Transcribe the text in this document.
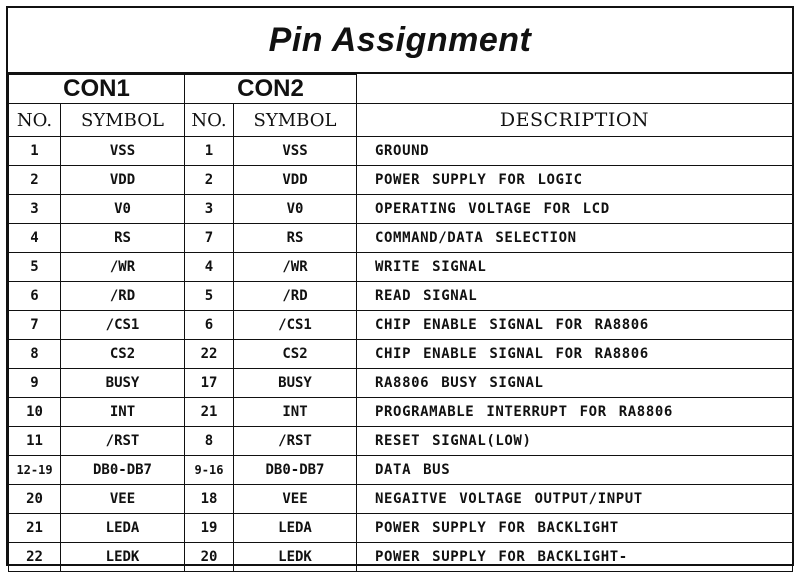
Pin Assignment
CON1		CON2		
NO.	SYMBOL	NO.	SYMBOL	DESCRIPTION
1	VSS	1	VSS	GROUND
2	VDD	2	VDD	POWER SUPPLY FOR LOGIC
3	V0	3	V0	OPERATING VOLTAGE FOR LCD
4	RS	7	RS	COMMAND/DATA SELECTION
5	/WR	4	/WR	WRITE SIGNAL
6	/RD	5	/RD	READ SIGNAL
7	/CS1	6	/CS1	CHIP ENABLE SIGNAL FOR RA8806
8	CS2	22	CS2	CHIP ENABLE SIGNAL FOR RA8806
9	BUSY	17	BUSY	RA8806 BUSY SIGNAL
10	INT	21	INT	PROGRAMABLE INTERRUPT FOR RA8806
11	/RST	8	/RST	RESET SIGNAL(LOW)
12-19	DB0-DB7	9-16	DB0-DB7	DATA BUS
20	VEE	18	VEE	NEGAITVE VOLTAGE OUTPUT/INPUT
21	LEDA	19	LEDA	POWER SUPPLY FOR BACKLIGHT
22	LEDK	20	LEDK	POWER SUPPLY FOR BACKLIGHT-
